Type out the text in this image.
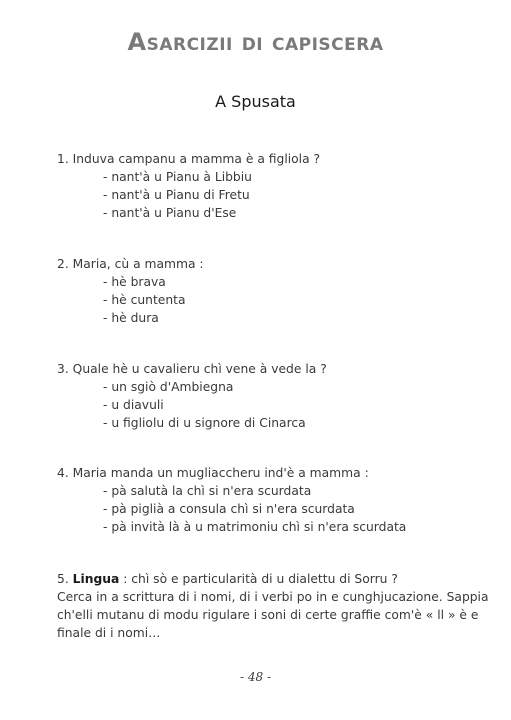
Asarcizii di capiscera
A Spusata
1. Induva campanu a mamma è a figliola ?
- nant'à u Pianu à Libbiu
- nant'à u Pianu di Fretu
- nant'à u Pianu d'Ese
2. Maria, cù a mamma :
- hè brava
- hè cuntenta
- hè dura
3. Quale hè u cavalieru chì vene à vede la ?
- un sgiò d'Ambiegna
- u diavuli
- u figliolu di u signore di Cinarca
4. Maria manda un mugliaccheru ind'è a mamma :
- pà salutà la chì si n'era scurdata
- pà piglià a consula chì si n'era scurdata
- pà invità là à u matrimoniu chì si n'era scurdata
5. Lingua : chì sò e particularità di u dialettu di Sorru ?
Cerca in a scrittura di i nomi, di i verbi po in e cunghjucazione. Sappia
ch'elli mutanu di modu rigulare i soni di certe graffie com'è « ll » è e
finale di i nomi…
- 48 -
